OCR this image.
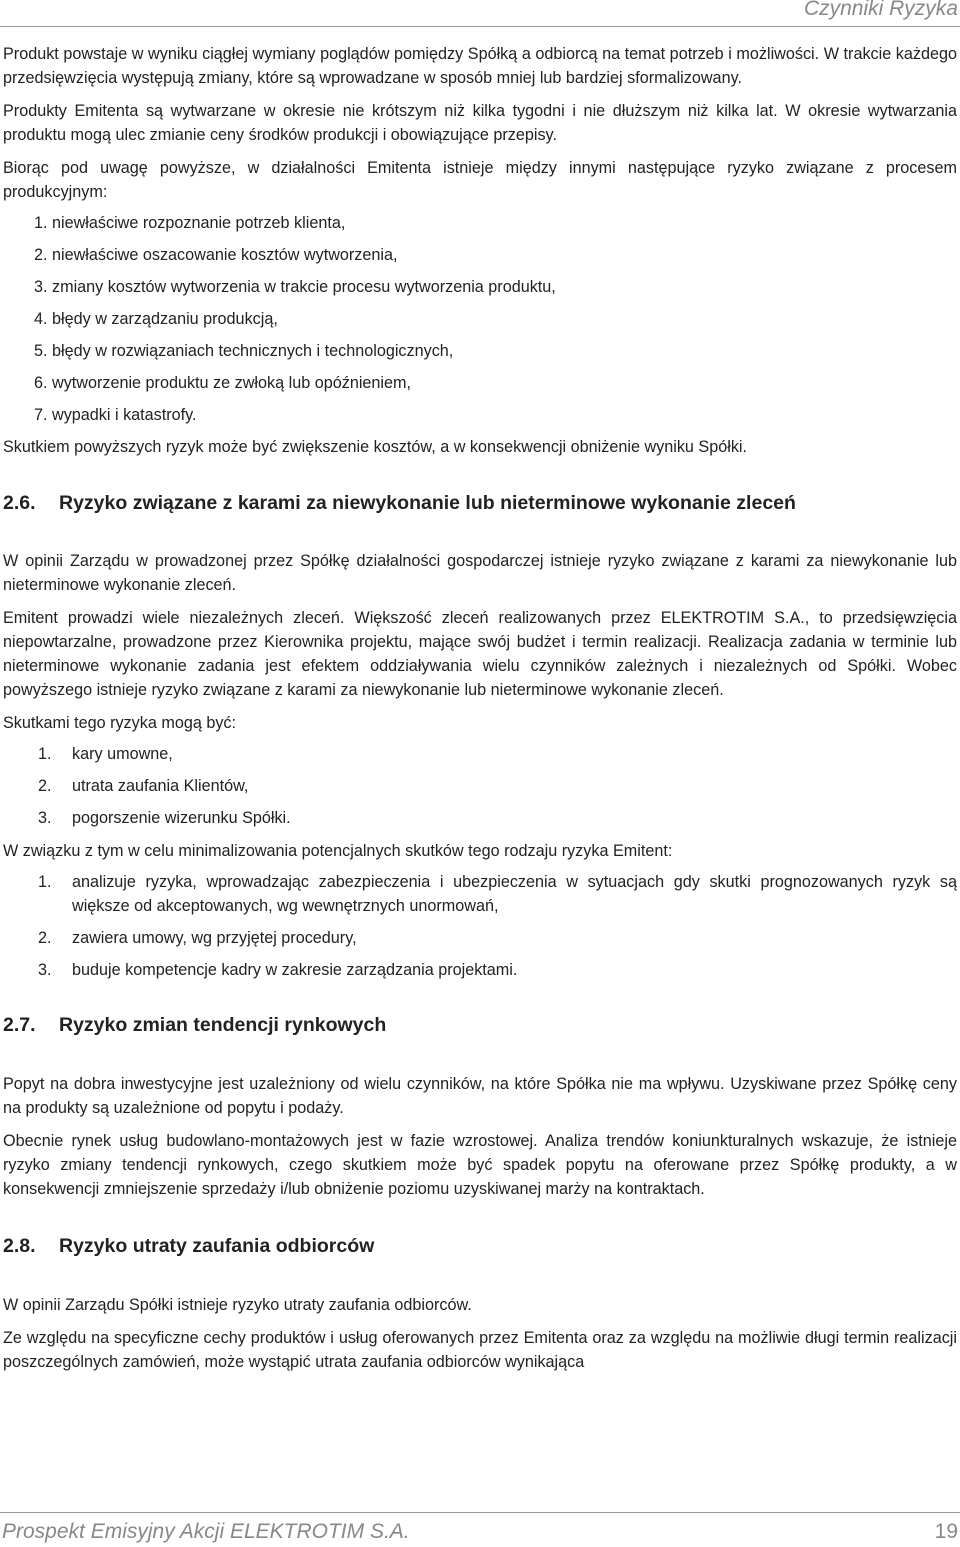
Czynniki Ryzyka

Produkt powstaje w wyniku ciągłej wymiany poglądów pomiędzy Spółką a odbiorcą na temat potrzeb i możliwości. W trakcie każdego przedsięwzięcia występują zmiany, które są wprowadzane w sposób mniej lub bardziej sformalizowany.

Produkty Emitenta są wytwarzane w okresie nie krótszym niż kilka tygodni i nie dłuższym niż kilka lat. W okresie wytwarzania produktu mogą ulec zmianie ceny środków produkcji i obowiązujące przepisy.

Biorąc pod uwagę powyższe, w działalności Emitenta istnieje między innymi następujące ryzyko związane z procesem produkcyjnym:

1. niewłaściwe rozpoznanie potrzeb klienta,
2. niewłaściwe oszacowanie kosztów wytworzenia,
3. zmiany kosztów wytworzenia w trakcie procesu wytworzenia produktu,
4. błędy w zarządzaniu produkcją,
5. błędy w rozwiązaniach technicznych i technologicznych,
6. wytworzenie produktu ze zwłoką lub opóźnieniem,
7. wypadki i katastrofy.

Skutkiem powyższych ryzyk może być zwiększenie kosztów, a w konsekwencji obniżenie wyniku Spółki.

2.6. Ryzyko związane z karami za niewykonanie lub nieterminowe wykonanie zleceń

W opinii Zarządu w prowadzonej przez Spółkę działalności gospodarczej istnieje ryzyko związane z karami za niewykonanie lub nieterminowe wykonanie zleceń.

Emitent prowadzi wiele niezależnych zleceń. Większość zleceń realizowanych przez ELEKTROTIM S.A., to przedsięwzięcia niepowtarzalne, prowadzone przez Kierownika projektu, mające swój budżet i termin realizacji. Realizacja zadania w terminie lub nieterminowe wykonanie zadania jest efektem oddziaływania wielu czynników zależnych i niezależnych od Spółki. Wobec powyższego istnieje ryzyko związane z karami za niewykonanie lub nieterminowe wykonanie zleceń.

Skutkami tego ryzyka mogą być:

1. kary umowne,
2. utrata zaufania Klientów,
3. pogorszenie wizerunku Spółki.

W związku z tym w celu minimalizowania potencjalnych skutków tego rodzaju ryzyka Emitent:

1. analizuje ryzyka, wprowadzając zabezpieczenia i ubezpieczenia w sytuacjach gdy skutki prognozowanych ryzyk są większe od akceptowanych, wg wewnętrznych unormowań,
2. zawiera umowy, wg przyjętej procedury,
3. buduje kompetencje kadry w zakresie zarządzania projektami.
2.7. Ryzyko zmian tendencji rynkowych

Popyt na dobra inwestycyjne jest uzależniony od wielu czynników, na które Spółka nie ma wpływu. Uzyskiwane przez Spółkę ceny na produkty są uzależnione od popytu i podaży.

Obecnie rynek usług budowlano-montażowych jest w fazie wzrostowej. Analiza trendów koniunkturalnych wskazuje, że istnieje ryzyko zmiany tendencji rynkowych, czego skutkiem może być spadek popytu na oferowane przez Spółkę produkty, a w konsekwencji zmniejszenie sprzedaży i/lub obniżenie poziomu uzyskiwanej marży na kontraktach.

2.8. Ryzyko utraty zaufania odbiorców

W opinii Zarządu Spółki istnieje ryzyko utraty zaufania odbiorców.

Ze względu na specyficzne cechy produktów i usług oferowanych przez Emitenta oraz za względu na możliwie długi termin realizacji poszczególnych zamówień, może wystąpić utrata zaufania odbiorców wynikająca

Prospekt Emisyjny Akcji ELEKTROTIM S.A.	19
